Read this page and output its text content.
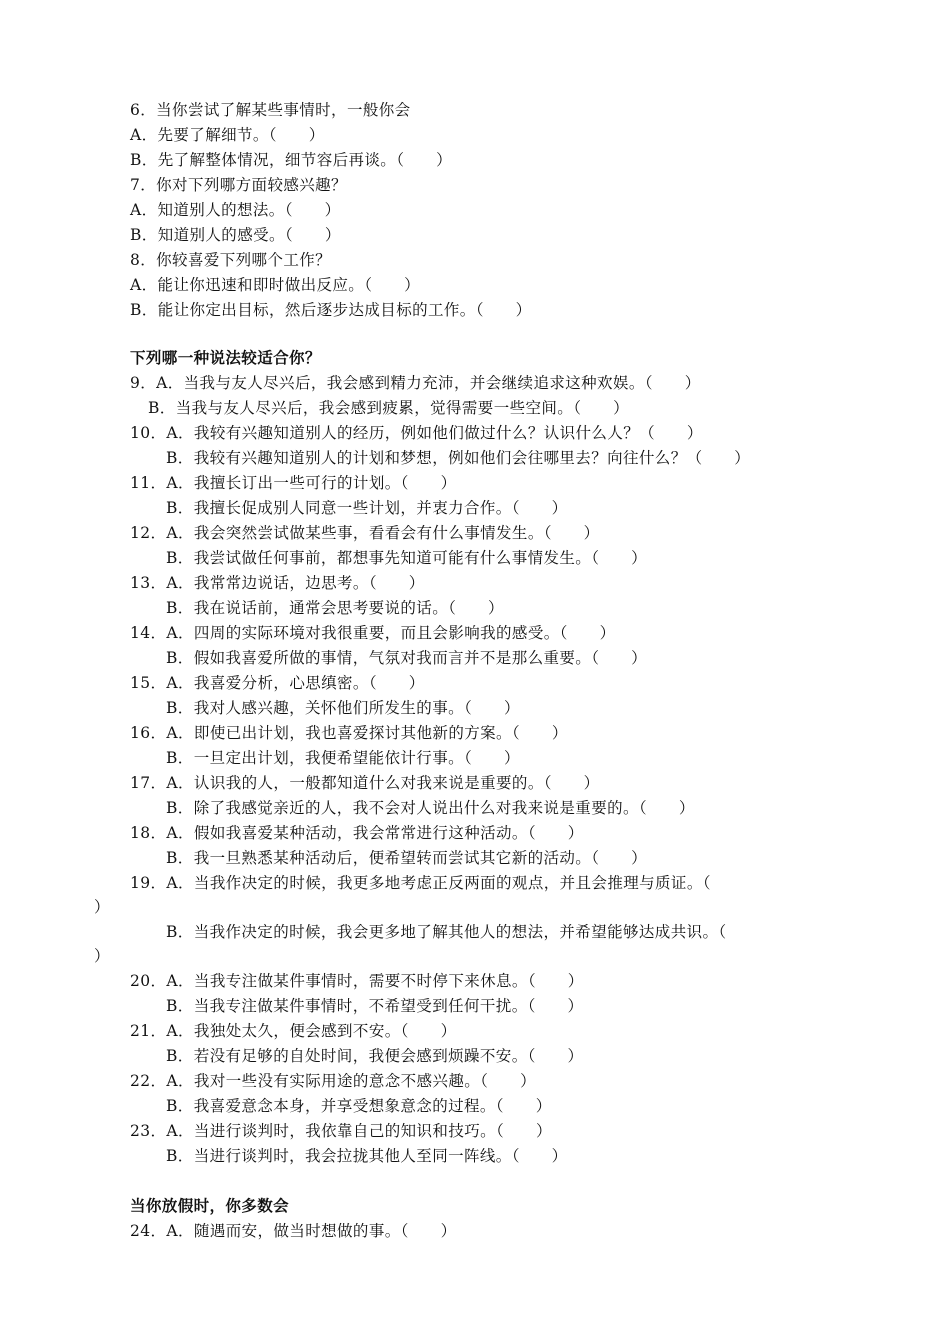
6．当你尝试了解某些事情时，一般你会
A．先要了解细节。（　　）
B．先了解整体情况，细节容后再谈。（　　）
7．你对下列哪方面较感兴趣？
A．知道别人的想法。（　　）
B．知道别人的感受。（　　）
8．你较喜爱下列哪个工作？
A．能让你迅速和即时做出反应。（　　）
B．能让你定出目标，然后逐步达成目标的工作。（　　）
下列哪一种说法较适合你？
9．A．当我与友人尽兴后，我会感到精力充沛，并会继续追求这种欢娱。（　　）
B．当我与友人尽兴后，我会感到疲累，觉得需要一些空间。（　　）
10．A．我较有兴趣知道别人的经历，例如他们做过什么？认识什么人？（　　）
B．我较有兴趣知道别人的计划和梦想，例如他们会往哪里去？向往什么？（　　）
11．A．我擅长订出一些可行的计划。（　　）
B．我擅长促成别人同意一些计划，并衷力合作。（　　）
12．A．我会突然尝试做某些事，看看会有什么事情发生。（　　）
B．我尝试做任何事前，都想事先知道可能有什么事情发生。（　　）
13．A．我常常边说话，边思考。（　　）
B．我在说话前，通常会思考要说的话。（　　）
14．A．四周的实际环境对我很重要，而且会影响我的感受。（　　）
B．假如我喜爱所做的事情，气氛对我而言并不是那么重要。（　　）
15．A．我喜爱分析，心思缜密。（　　）
B．我对人感兴趣，关怀他们所发生的事。（　　）
16．A．即使已出计划，我也喜爱探讨其他新的方案。（　　）
B．一旦定出计划，我便希望能依计行事。（　　）
17．A．认识我的人，一般都知道什么对我来说是重要的。（　　）
B．除了我感觉亲近的人，我不会对人说出什么对我来说是重要的。（　　）
18．A．假如我喜爱某种活动，我会常常进行这种活动。（　　）
B．我一旦熟悉某种活动后，便希望转而尝试其它新的活动。（　　）
19．A．当我作决定的时候，我更多地考虑正反两面的观点，并且会推理与质证。（
）
B．当我作决定的时候，我会更多地了解其他人的想法，并希望能够达成共识。（
）
20．A．当我专注做某件事情时，需要不时停下来休息。（　　）
B．当我专注做某件事情时，不希望受到任何干扰。（　　）
21．A．我独处太久，便会感到不安。（　　）
B．若没有足够的自处时间，我便会感到烦躁不安。（　　）
22．A．我对一些没有实际用途的意念不感兴趣。（　　）
B．我喜爱意念本身，并享受想象意念的过程。（　　）
23．A．当进行谈判时，我依靠自己的知识和技巧。（　　）
B．当进行谈判时，我会拉拢其他人至同一阵线。（　　）
当你放假时，你多数会
24．A．随遇而安，做当时想做的事。（　　）
